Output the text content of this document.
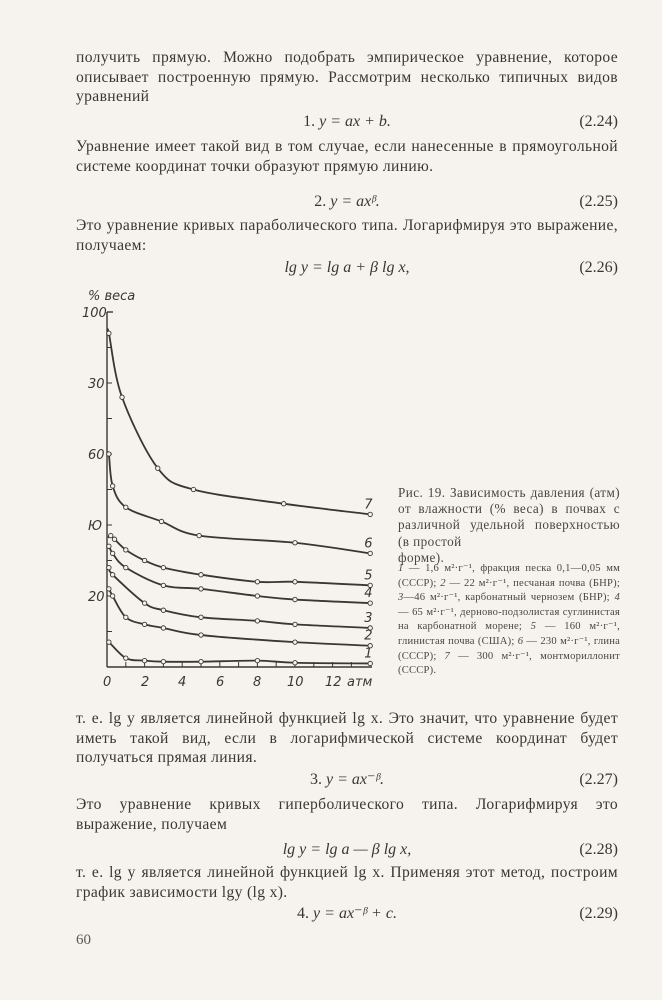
получить прямую. Можно подобрать эмпирическое уравнение, которое описывает построенную прямую. Рассмотрим несколько типичных видов уравнений
1. y = ax + b.	(2.24)
Уравнение имеет такой вид в том случае, если нанесенные в прямоугольной системе координат точки образуют прямую линию.
2. y = axᵝ.	(2.25)
Это уравнение кривых параболического типа. Логарифмируя это выражение, получаем:
lg y = lg a + β lg x,	(2.26)
% веса
100
30
60
Ю
20
0 2 4 6 8 10 12 атм
7
6
5
4
3
2
1
Рис. 19. Зависимость давления (атм) от влажности (% веса) в почвах с различной удельной поверхностью (в простой
форме).
1 — 1,6 м²·г⁻¹, фракция песка 0,1—0,05 мм (СССР); 2 — 22 м²·г⁻¹, песчаная почва (БНР); 3—46 м²·г⁻¹, карбонатный чернозем (БНР); 4 — 65 м²·г⁻¹, дерново-подзолистая суглинистая на карбонатной морене; 5 — 160 м²·г⁻¹, глинистая почва (США); 6 — 230 м²·г⁻¹, глина (СССР); 7 — 300 м²·г⁻¹, монтмориллонит (СССР).
т. е. lg y является линейной функцией lg x. Это значит, что уравнение будет иметь такой вид, если в логарифмической системе координат будет получаться прямая линия.
3. y = ax⁻ᵝ.	(2.27)
Это уравнение кривых гиперболического типа. Логарифмируя это выражение, получаем
lg y = lg a — β lg x,	(2.28)
т. е. lg y является линейной функцией lg x. Применяя этот метод, построим график зависимости lgy (lg x).
4. y = ax⁻ᵝ + c.	(2.29)
60
